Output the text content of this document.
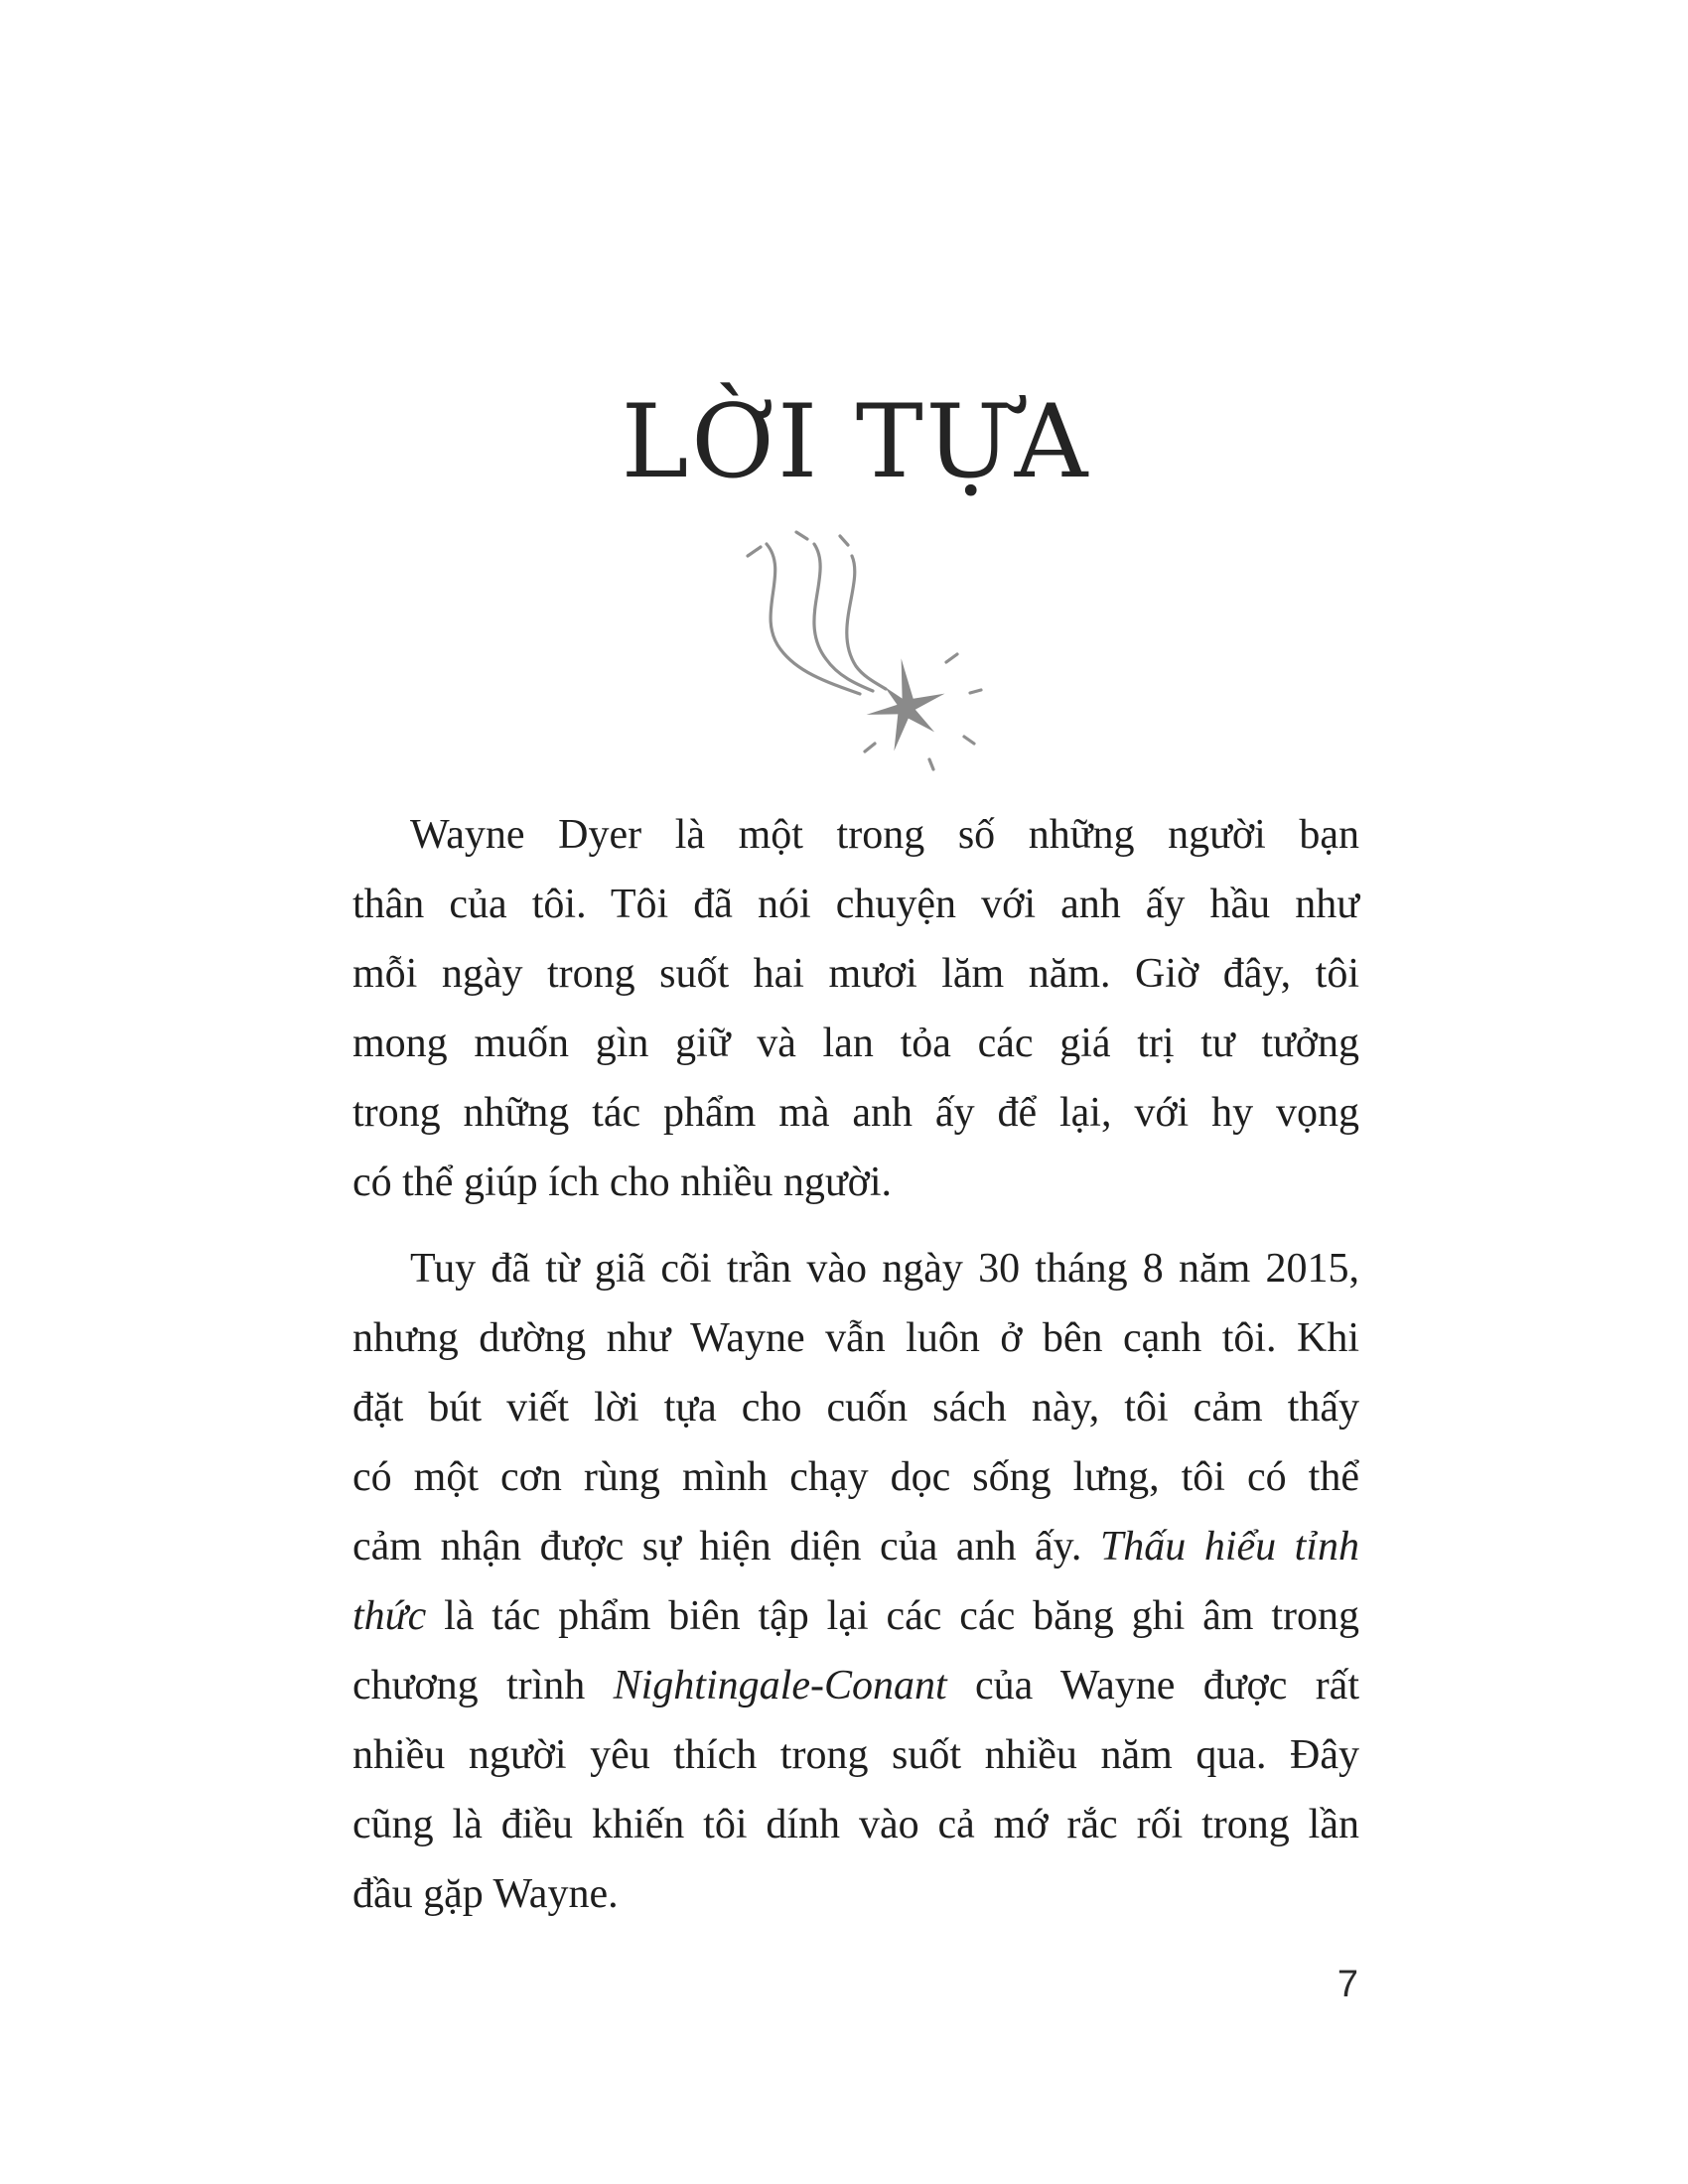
LỜI TỰA
Wayne Dyer là một trong số những người bạn
thân của tôi. Tôi đã nói chuyện với anh ấy hầu như
mỗi ngày trong suốt hai mươi lăm năm. Giờ đây, tôi
mong muốn gìn giữ và lan tỏa các giá trị tư tưởng
trong những tác phẩm mà anh ấy để lại, với hy vọng
có thể giúp ích cho nhiều người.
Tuy đã từ giã cõi trần vào ngày 30 tháng 8 năm 2015,
nhưng dường như Wayne vẫn luôn ở bên cạnh tôi. Khi
đặt bút viết lời tựa cho cuốn sách này, tôi cảm thấy
có một cơn rùng mình chạy dọc sống lưng, tôi có thể
cảm nhận được sự hiện diện của anh ấy. Thấu hiểu tỉnh
thức là tác phẩm biên tập lại các các băng ghi âm trong
chương trình Nightingale-Conant của Wayne được rất
nhiều người yêu thích trong suốt nhiều năm qua. Đây
cũng là điều khiến tôi dính vào cả mớ rắc rối trong lần
đầu gặp Wayne.
7
